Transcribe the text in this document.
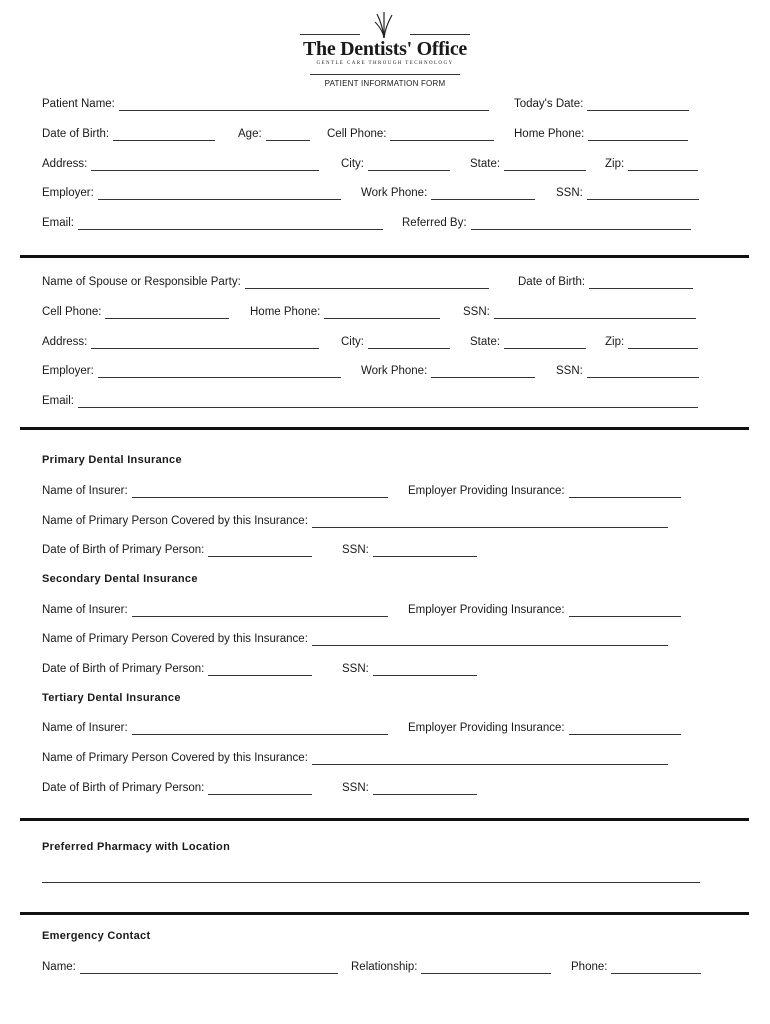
The Dentists' Office
GENTLE CARE THROUGH TECHNOLOGY
PATIENT INFORMATION FORM
Patient Name:	Today's Date:
Date of Birth:	Age:	Cell Phone:	Home Phone:
Address:	City:	State:	Zip:
Employer:	Work Phone:	SSN:
Email:	Referred By:
Name of Spouse or Responsible Party:	Date of Birth:
Cell Phone:	Home Phone:	SSN:
Address:	City:	State:	Zip:
Employer:	Work Phone:	SSN:
Email:
Primary Dental Insurance
Name of Insurer:	Employer Providing Insurance:
Name of Primary Person Covered by this Insurance:
Date of Birth of Primary Person:	SSN:
Secondary Dental Insurance
Name of Insurer:	Employer Providing Insurance:
Name of Primary Person Covered by this Insurance:
Date of Birth of Primary Person:	SSN:
Tertiary Dental Insurance
Name of Insurer:	Employer Providing Insurance:
Name of Primary Person Covered by this Insurance:
Date of Birth of Primary Person:	SSN:
Preferred Pharmacy with Location
Emergency Contact
Name:	Relationship:	Phone:
